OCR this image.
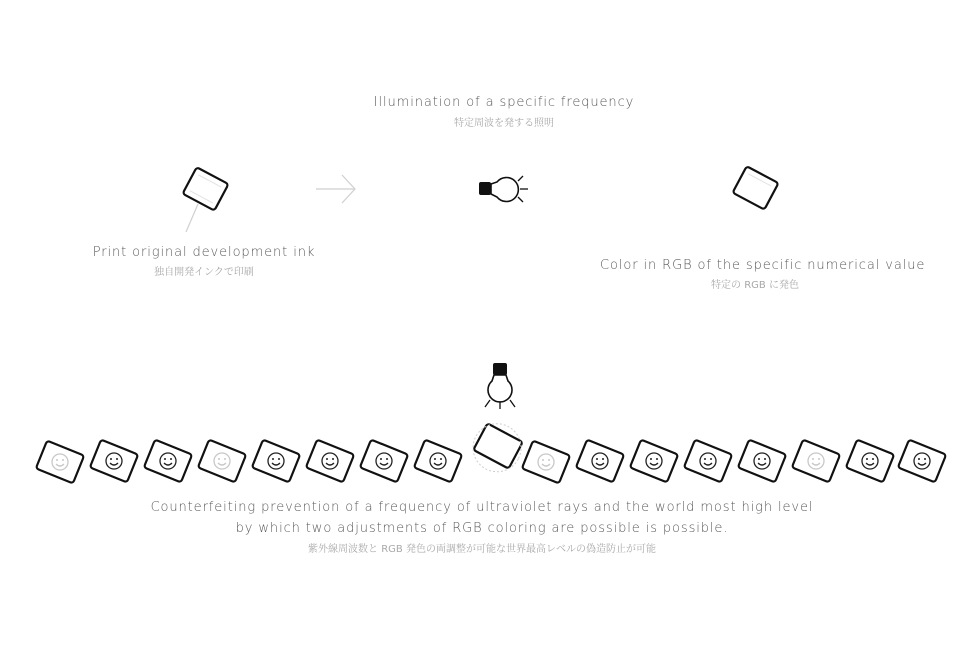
Illumination of a specific frequency
特定周波を発する照明
Print original development ink
独自開発インクで印刷	Color in RGB of the specific numerical value
特定の RGB に発色
Counterfeiting prevention of a frequency of ultraviolet rays and the world most high level
by which two adjustments of RGB coloring are possible is possible.
紫外線周波数と RGB 発色の両調整が可能な世界最高レベルの偽造防止が可能
